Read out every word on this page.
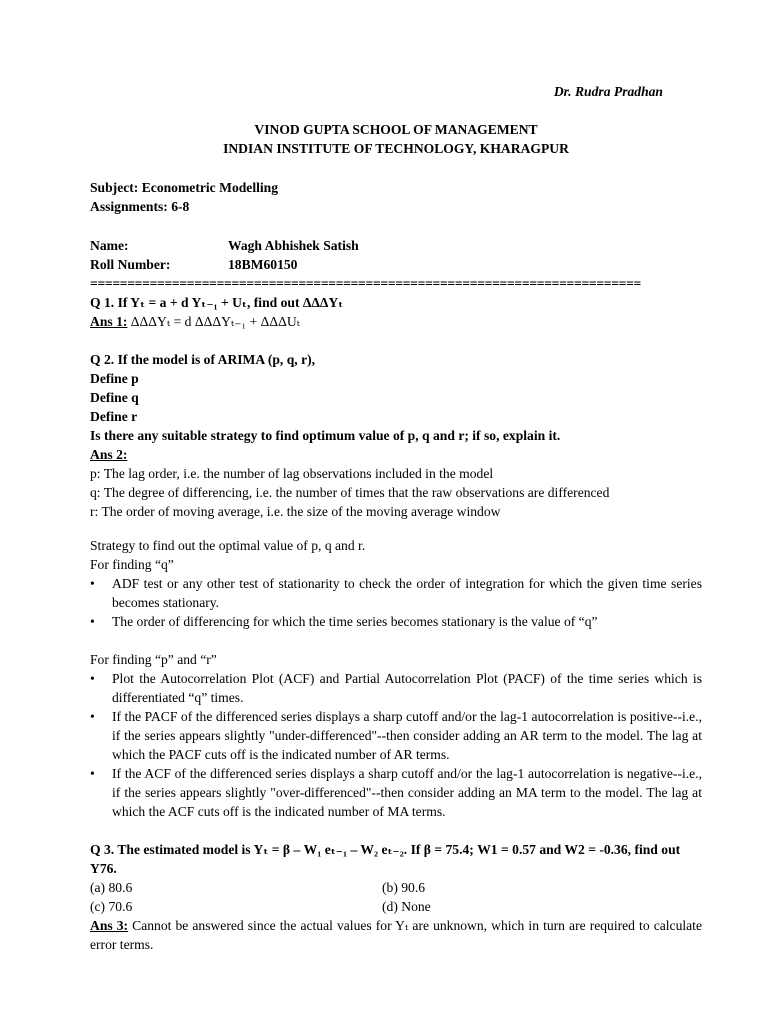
Dr. Rudra Pradhan
VINOD GUPTA SCHOOL OF MANAGEMENT
INDIAN INSTITUTE OF TECHNOLOGY, KHARAGPUR
Subject: Econometric Modelling
Assignments: 6-8
Name:	Wagh Abhishek Satish
Roll Number:	18BM60150
==========================================================================
Q 1. If Yₜ = a + d Yₜ₋₁ + Uₜ, find out ΔΔΔYₜ
Ans 1: ΔΔΔYₜ = d ΔΔΔYₜ₋₁ + ΔΔΔUₜ
Q 2. If the model is of ARIMA (p, q, r),
Define p
Define q
Define r
Is there any suitable strategy to find optimum value of p, q and r; if so, explain it.
Ans 2:
p: The lag order, i.e. the number of lag observations included in the model
q: The degree of differencing, i.e. the number of times that the raw observations are differenced
r: The order of moving average, i.e. the size of the moving average window
Strategy to find out the optimal value of p, q and r.
For finding “q”
• ADF test or any other test of stationarity to check the order of integration for which the given time series becomes stationary.
• The order of differencing for which the time series becomes stationary is the value of “q”
For finding “p” and “r”
• Plot the Autocorrelation Plot (ACF) and Partial Autocorrelation Plot (PACF) of the time series which is differentiated “q” times.
• If the PACF of the differenced series displays a sharp cutoff and/or the lag-1 autocorrelation is positive--i.e., if the series appears slightly "under-differenced"--then consider adding an AR term to the model. The lag at which the PACF cuts off is the indicated number of AR terms.
• If the ACF of the differenced series displays a sharp cutoff and/or the lag-1 autocorrelation is negative--i.e., if the series appears slightly "over-differenced"--then consider adding an MA term to the model. The lag at which the ACF cuts off is the indicated number of MA terms.
Q 3. The estimated model is Yₜ = β – W₁ eₜ₋₁ – W₂ eₜ₋₂. If β = 75.4; W1 = 0.57 and W2 = -0.36, find out Y76.
(a) 80.6	(b) 90.6
(c) 70.6	(d) None
Ans 3: Cannot be answered since the actual values for Yₜ are unknown, which in turn are required to calculate error terms.
